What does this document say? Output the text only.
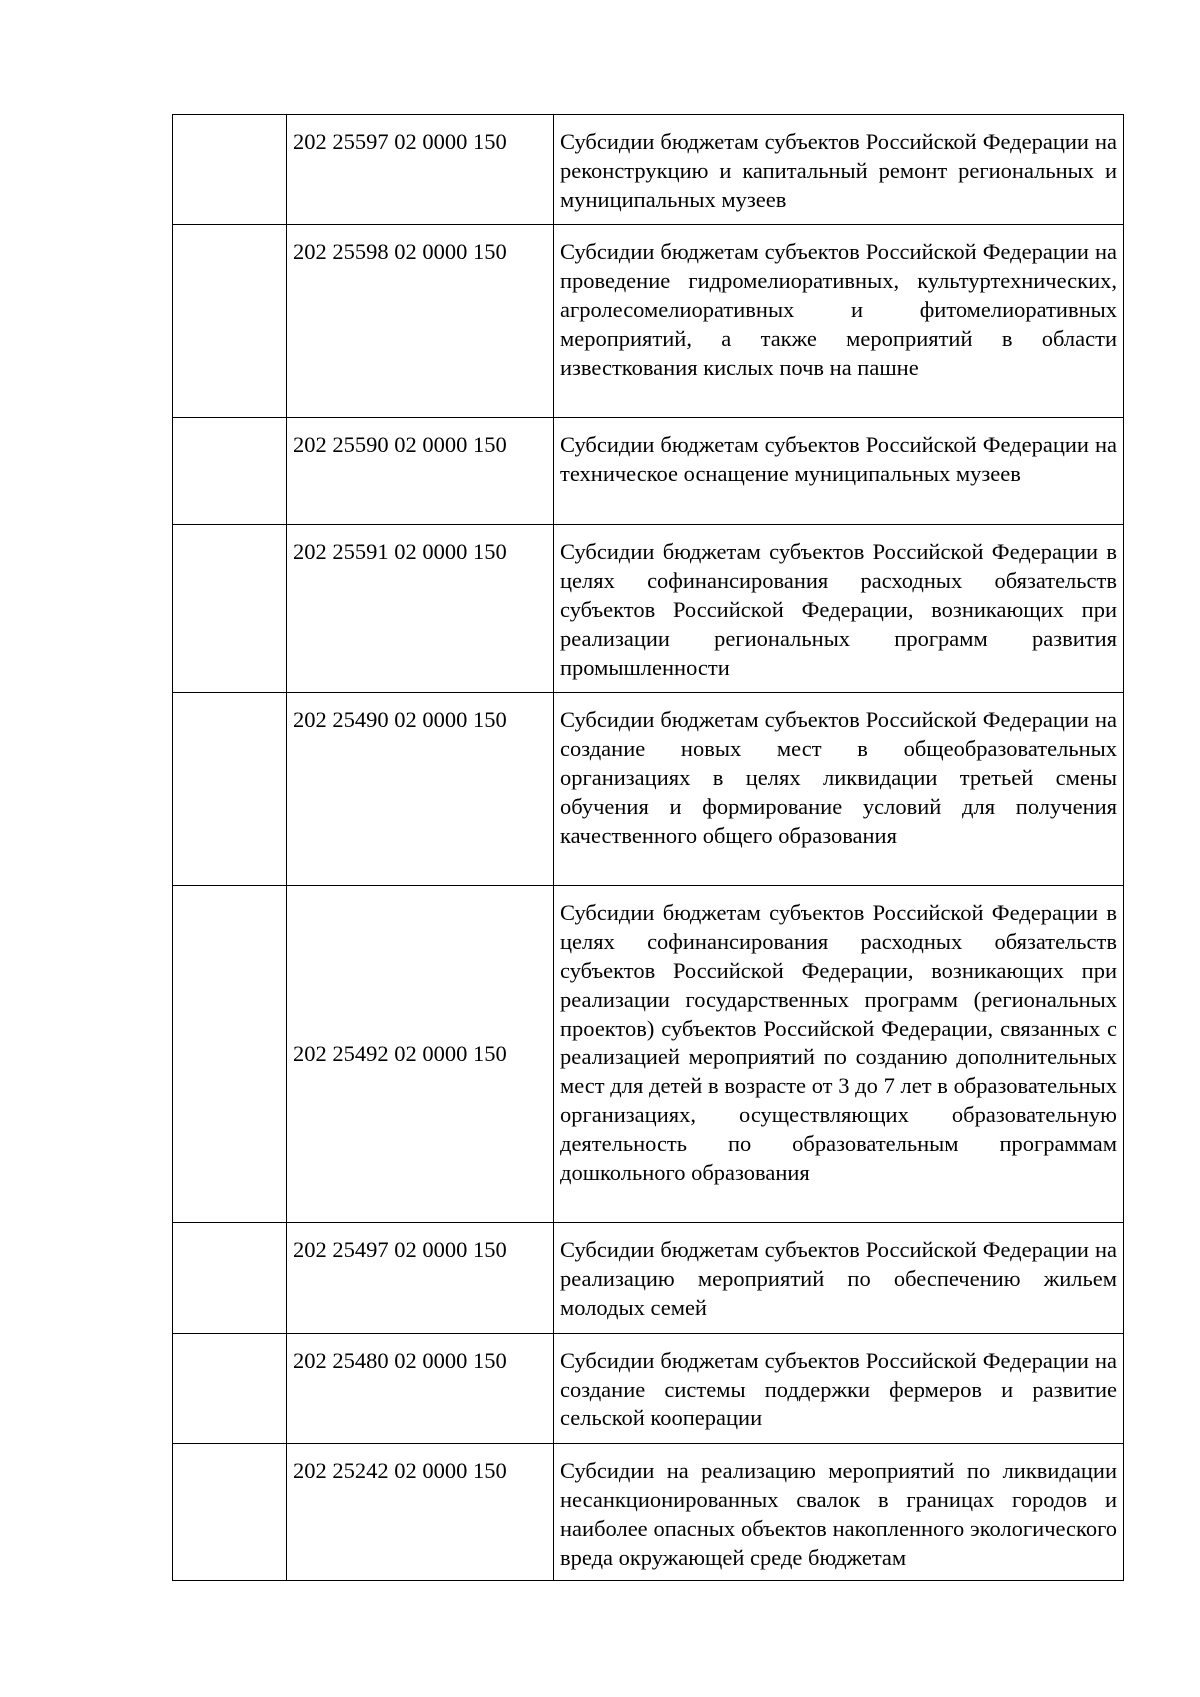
	202 25597 02 0000 150	Субсидии бюджетам субъектов Российской Федерации на реконструкцию и капитальный ремонт региональных и муниципальных музеев

	202 25598 02 0000 150	Субсидии бюджетам субъектов Российской Федерации на проведение гидромелиоративных, культуртехнических, агролесомелиоративных и фитомелиоративных мероприятий, а также мероприятий в области известкования кислых почв на пашне

	202 25590 02 0000 150	Субсидии бюджетам субъектов Российской Федерации на техническое оснащение муниципальных музеев

	202 25591 02 0000 150	Субсидии бюджетам субъектов Российской Федерации в целях софинансирования расходных обязательств субъектов Российской Федерации, возникающих при реализации региональных программ развития промышленности

	202 25490 02 0000 150	Субсидии бюджетам субъектов Российской Федерации на создание новых мест в общеобразовательных организациях в целях ликвидации третьей смены обучения и формирование условий для получения качественного общего образования

	202 25492 02 0000 150	Субсидии бюджетам субъектов Российской Федерации в целях софинансирования расходных обязательств субъектов Российской Федерации, возникающих при реализации государственных программ (региональных проектов) субъектов Российской Федерации, связанных с реализацией мероприятий по созданию дополнительных мест для детей в возрасте от 3 до 7 лет в образовательных организациях, осуществляющих образовательную деятельность по образовательным программам дошкольного образования

	202 25497 02 0000 150	Субсидии бюджетам субъектов Российской Федерации на реализацию мероприятий по обеспечению жильем молодых семей

	202 25480 02 0000 150	Субсидии бюджетам субъектов Российской Федерации на создание системы поддержки фермеров и развитие сельской кооперации

	202 25242 02 0000 150	Субсидии на реализацию мероприятий по ликвидации несанкционированных свалок в границах городов и наиболее опасных объектов накопленного экологического вреда окружающей среде бюджетам
